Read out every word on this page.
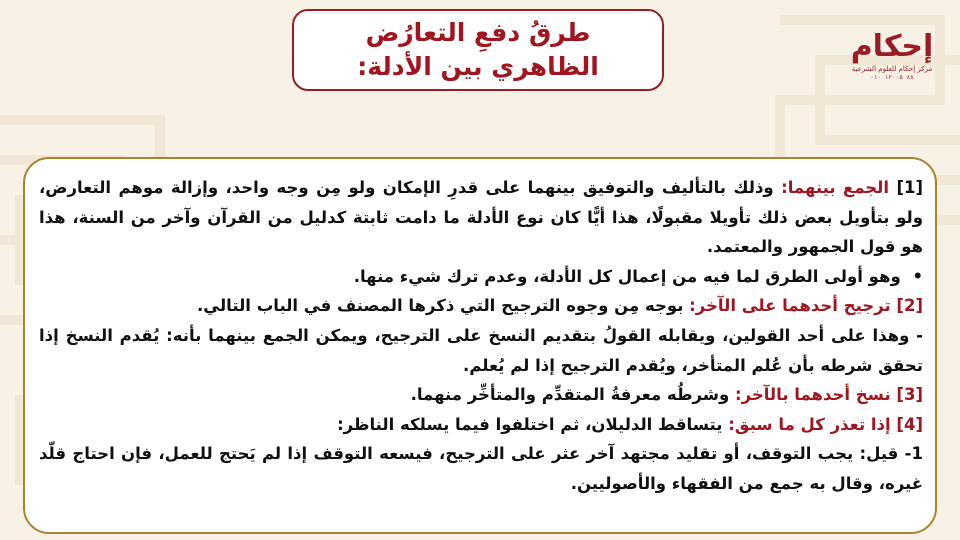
طرقُ دفعِ التعارُض
الظاهري بين الأدلة:
إحكام
مركز إحكام للعلوم الشرعية
٨٨ ١٢٠٠٥ ٠١٠

[1] الجمع بينهما: وذلك بالتأليف والتوفيق بينهما على قدرِ الإمكان ولو مِن وجه واحد، وإزالة موهم التعارض، ولو بتأويل بعض ذلك تأويلا مقبولًا، هذا أيًّا كان نوع الأدلة ما دامت ثابتة كدليل من القرآن وآخر من السنة، هذا هو قول الجمهور والمعتمد.

• وهو أولى الطرق لما فيه من إعمال كل الأدلة، وعدم ترك شيء منها.

[2] ترجيح أحدهما على الآخر: بوجه مِن وجوه الترجيح التي ذكرها المصنف في الباب التالي.

- وهذا على أحد القولين، ويقابله القولُ بتقديم النسخ على الترجيح، ويمكن الجمع بينهما بأنه: يُقدم النسخ إذا تحقق شرطه بأن عُلم المتأخر، ويُقدم الترجيح إذا لم يُعلم.

[3] نسخ أحدهما بالآخر: وشرطُه معرفةُ المتقدِّم والمتأخِّر منهما.

[4] إذا تعذر كل ما سبق: يتساقط الدليلان، ثم اختلفوا فيما يسلكه الناظر:

1- قيل: يجب التوقف، أو تقليد مجتهد آخر عثر على الترجيح، فيسعه التوقف إذا لم يَحتج للعمل، فإن احتاج قلّد غيره، وقال به جمع من الفقهاء والأصوليين.
